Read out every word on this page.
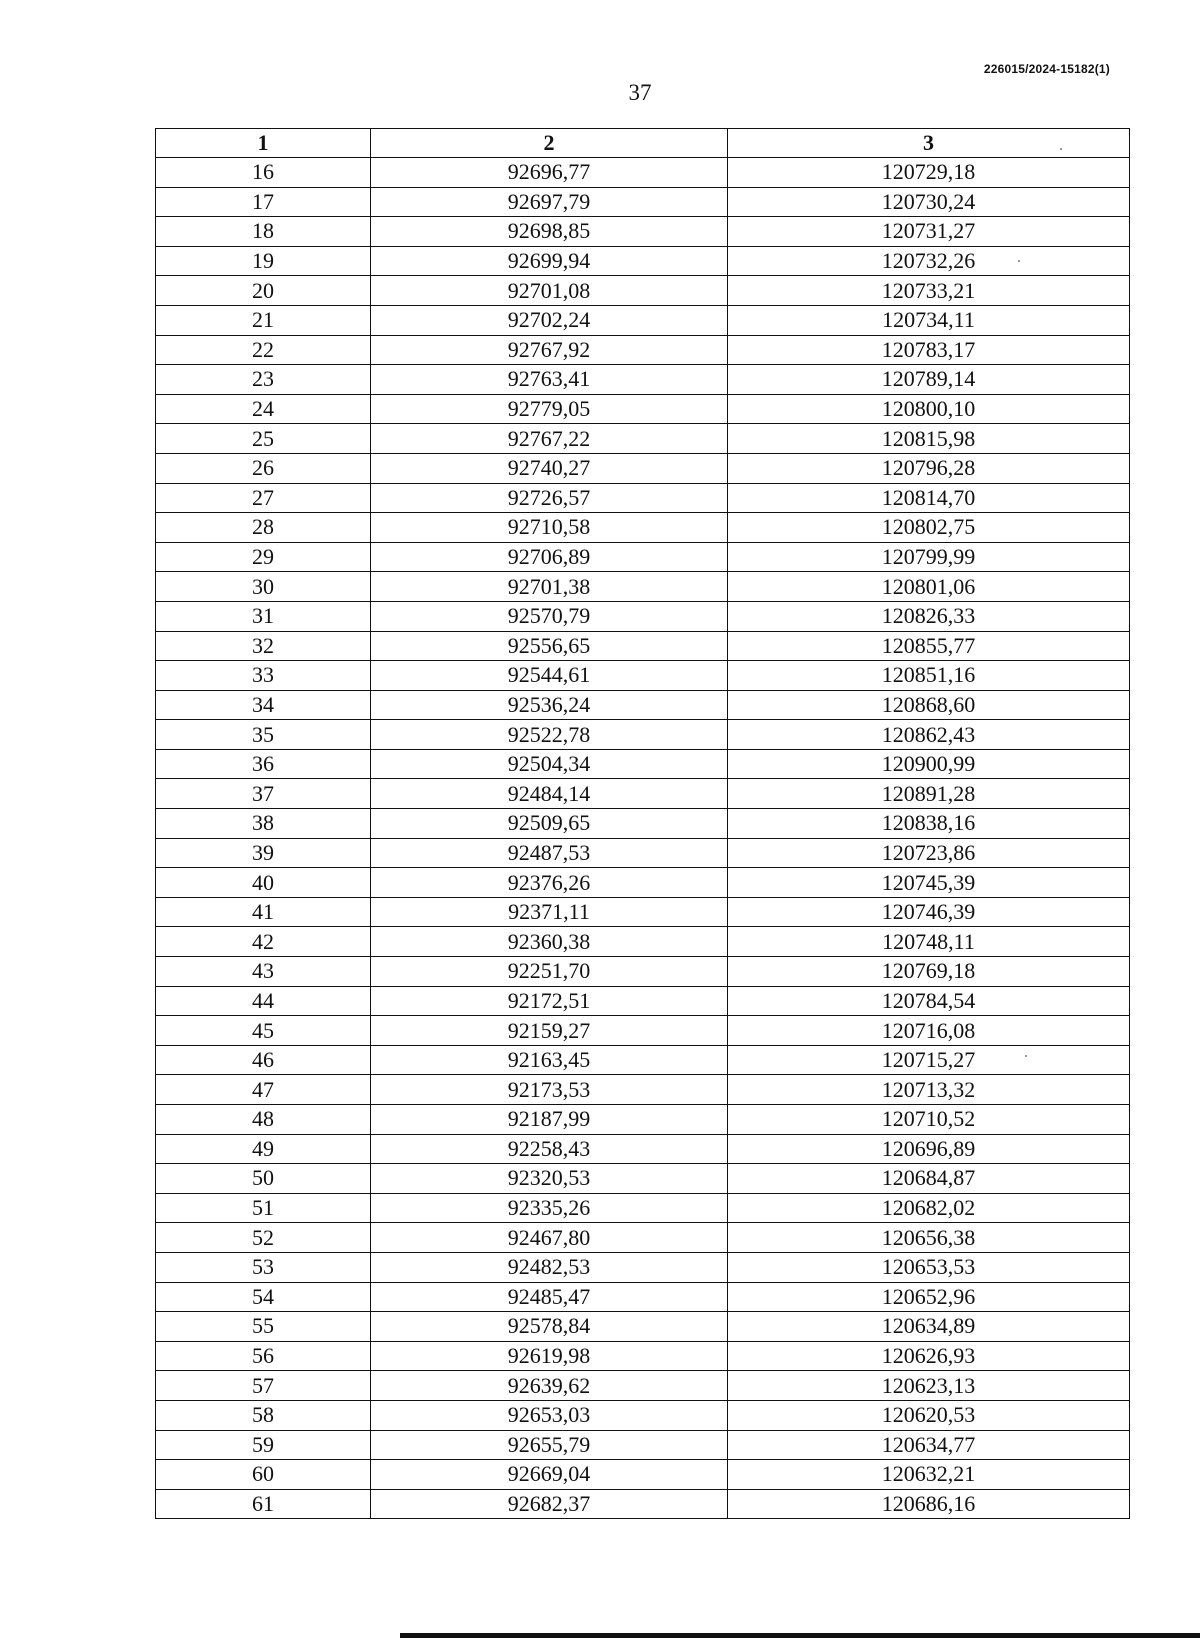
226015/2024-15182(1)
37
1	2	3
16	92696,77	120729,18
17	92697,79	120730,24
18	92698,85	120731,27
19	92699,94	120732,26
20	92701,08	120733,21
21	92702,24	120734,11
22	92767,92	120783,17
23	92763,41	120789,14
24	92779,05	120800,10
25	92767,22	120815,98
26	92740,27	120796,28
27	92726,57	120814,70
28	92710,58	120802,75
29	92706,89	120799,99
30	92701,38	120801,06
31	92570,79	120826,33
32	92556,65	120855,77
33	92544,61	120851,16
34	92536,24	120868,60
35	92522,78	120862,43
36	92504,34	120900,99
37	92484,14	120891,28
38	92509,65	120838,16
39	92487,53	120723,86
40	92376,26	120745,39
41	92371,11	120746,39
42	92360,38	120748,11
43	92251,70	120769,18
44	92172,51	120784,54
45	92159,27	120716,08
46	92163,45	120715,27
47	92173,53	120713,32
48	92187,99	120710,52
49	92258,43	120696,89
50	92320,53	120684,87
51	92335,26	120682,02
52	92467,80	120656,38
53	92482,53	120653,53
54	92485,47	120652,96
55	92578,84	120634,89
56	92619,98	120626,93
57	92639,62	120623,13
58	92653,03	120620,53
59	92655,79	120634,77
60	92669,04	120632,21
61	92682,37	120686,16
